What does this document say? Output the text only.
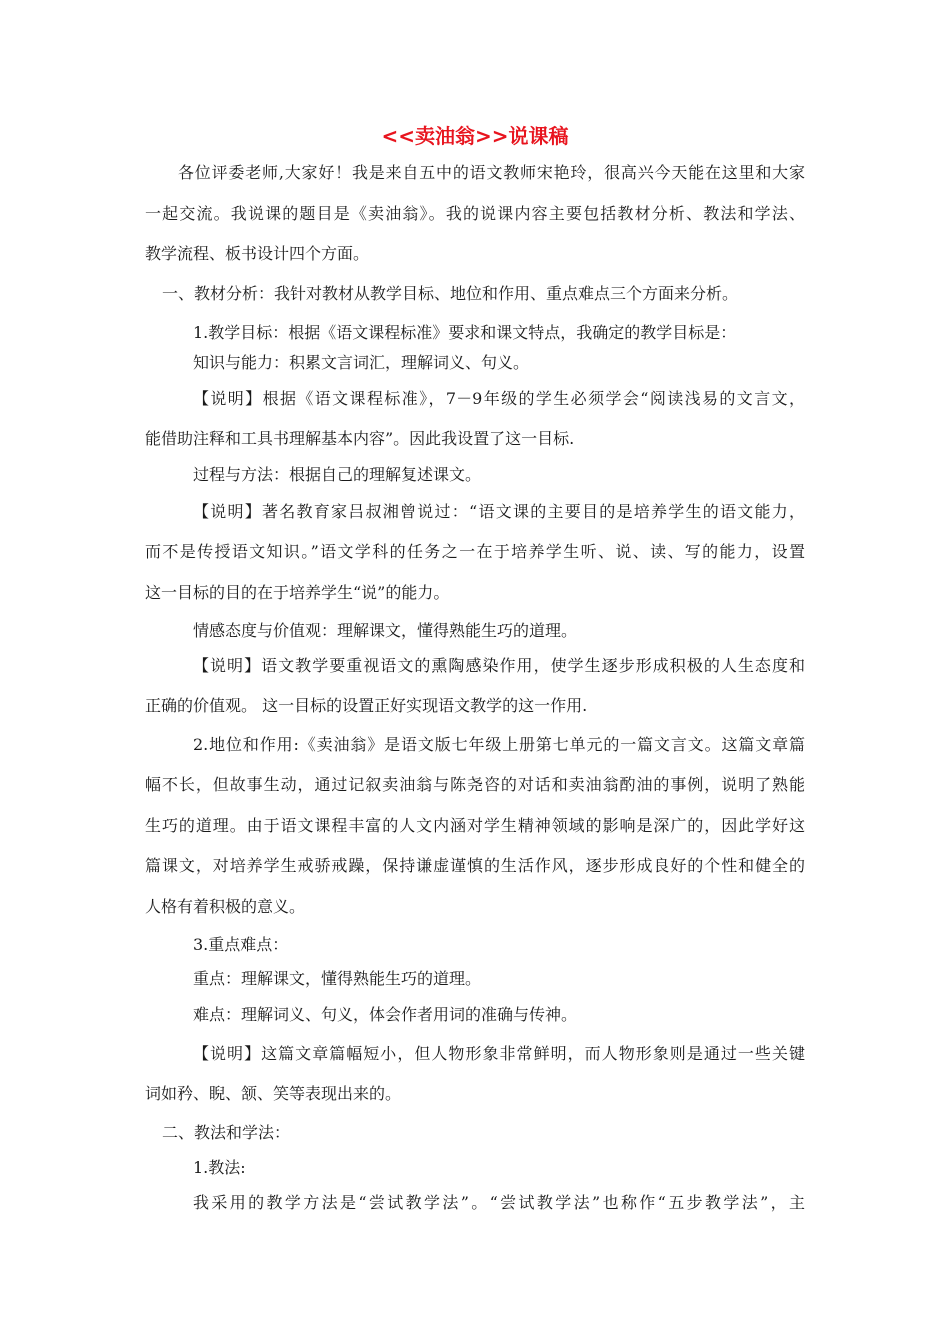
<<卖油翁>>说课稿
各位评委老师,大家好！我是来自五中的语文教师宋艳玲，很高兴今天能在这里和大家
一起交流。我说课的题目是《卖油翁》。我的说课内容主要包括教材分析、教法和学法、
教学流程、板书设计四个方面。
一、教材分析：我针对教材从教学目标、地位和作用、重点难点三个方面来分析。
1.教学目标：根据《语文课程标准》要求和课文特点，我确定的教学目标是：
知识与能力：积累文言词汇，理解词义、句义。
【说明】根据《语文课程标准》，7－9年级的学生必须学会“阅读浅易的文言文，
能借助注释和工具书理解基本内容”。因此我设置了这一目标.
过程与方法：根据自己的理解复述课文。
【说明】著名教育家吕叔湘曾说过：“语文课的主要目的是培养学生的语文能力，
而不是传授语文知识。”语文学科的任务之一在于培养学生听、说、读、写的能力，设置
这一目标的目的在于培养学生“说”的能力。
情感态度与价值观：理解课文，懂得熟能生巧的道理。
【说明】语文教学要重视语文的熏陶感染作用，使学生逐步形成积极的人生态度和
正确的价值观。 这一目标的设置正好实现语文教学的这一作用.
2.地位和作用:《卖油翁》是语文版七年级上册第七单元的一篇文言文。这篇文章篇
幅不长，但故事生动，通过记叙卖油翁与陈尧咨的对话和卖油翁酌油的事例，说明了熟能
生巧的道理。由于语文课程丰富的人文内涵对学生精神领域的影响是深广的，因此学好这
篇课文，对培养学生戒骄戒躁，保持谦虚谨慎的生活作风，逐步形成良好的个性和健全的
人格有着积极的意义。
3.重点难点：
重点：理解课文，懂得熟能生巧的道理。
难点：理解词义、句义，体会作者用词的准确与传神。
【说明】这篇文章篇幅短小，但人物形象非常鲜明，而人物形象则是通过一些关键
词如矜、睨、颔、笑等表现出来的。
二、教法和学法：
1.教法:
我采用的教学方法是“尝试教学法”。“尝试教学法”也称作“五步教学法”，主
